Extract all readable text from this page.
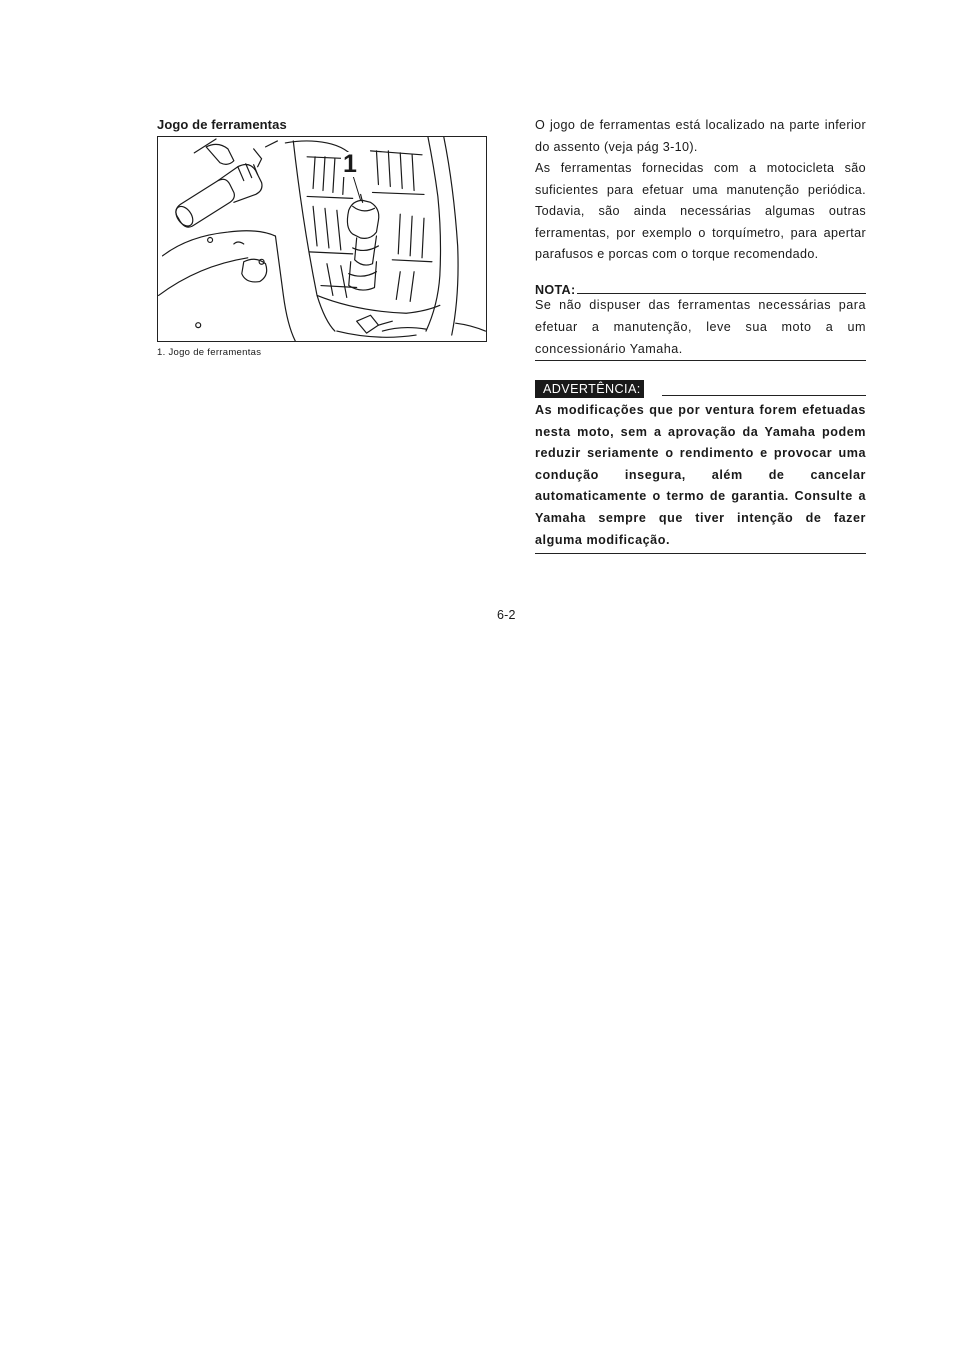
Jogo de ferramentas
1
1. Jogo de ferramentas

O jogo de ferramentas está localizado na parte inferior do assento (veja pág 3-10).

As ferramentas fornecidas com a motocicleta são suficientes para efetuar uma manutenção periódica. Todavia, são ainda necessárias algumas outras ferramentas, por exemplo o torquímetro, para apertar parafusos e porcas com o torque recomendado.

NOTA:
Se não dispuser das ferramentas necessárias para efetuar a manutenção, leve sua moto a um concessionário Yamaha.
ADVERTÊNCIA:
As modificações que por ventura forem efetuadas nesta moto, sem a aprovação da Yamaha podem reduzir seriamente o rendimento e provocar uma condução insegura, além de cancelar automaticamente o termo de garantia. Consulte a Yamaha sempre que tiver intenção de fazer alguma modificação.
6-2
